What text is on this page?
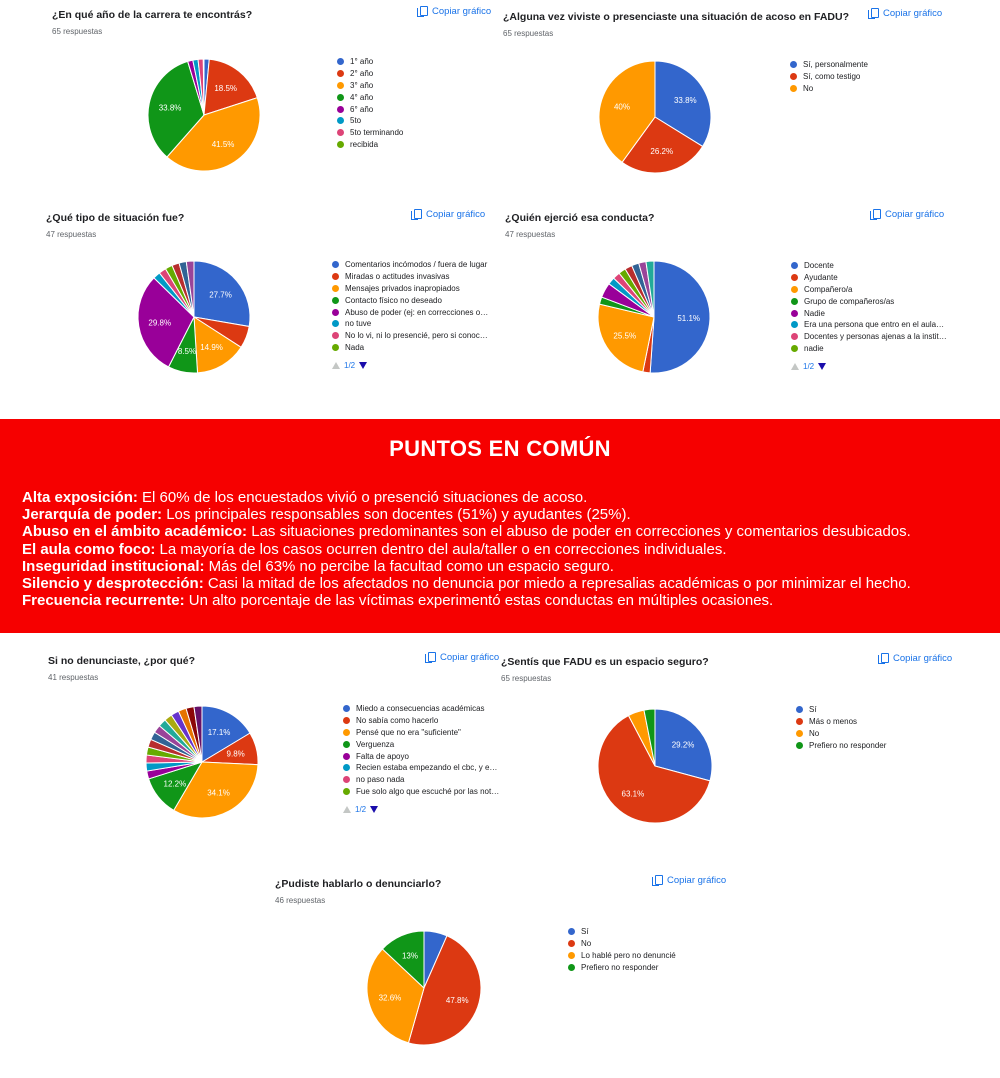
¿En qué año de la carrera te encontrás?
65 respuestas
Copiar gráfico
18.5%
41.5%
33.8%
1° año
2° año
3° año
4° año
6° año
5to
5to terminando
recibida
¿Alguna vez viviste o presenciaste una situación de acoso en FADU?
65 respuestas
Copiar gráfico
33.8%
26.2%
40%
Sí, personalmente
Sí, como testigo
No
¿Qué tipo de situación fue?
47 respuestas
Copiar gráfico
27.7%
14.9%
8.5%
29.8%
Comentarios incómodos / fuera de lugar
Miradas o actitudes invasivas
Mensajes privados inapropiados
Contacto físico no deseado
Abuso de poder (ej: en correcciones o…
no tuve
No lo vi, ni lo presencié, pero si conoc…
Nada
1/2
¿Quién ejerció esa conducta?
47 respuestas
Copiar gráfico
51.1%
25.5%
Docente
Ayudante
Compañero/a
Grupo de compañeros/as
Nadie
Era una persona que entro en el aula…
Docentes y personas ajenas a la instit…
nadie
1/2
Si no denunciaste, ¿por qué?
41 respuestas
Copiar gráfico
17.1%
9.8%
34.1%
12.2%
Miedo a consecuencias académicas
No sabía como hacerlo
Pensé que no era "suficiente"
Verguenza
Falta de apoyo
Recien estaba empezando el cbc, y e…
no paso nada
Fue solo algo que escuché por las not…
1/2
¿Sentís que FADU es un espacio seguro?
65 respuestas
Copiar gráfico
29.2%
63.1%
Sí
Más o menos
No
Prefiero no responder
¿Pudiste hablarlo o denunciarlo?
46 respuestas
Copiar gráfico
47.8%
32.6%
13%
Sí
No
Lo hablé pero no denuncié
Prefiero no responder
PUNTOS EN COMÚN
Alta exposición: El 60% de los encuestados vivió o presenció situaciones de acoso.
Jerarquía de poder: Los principales responsables son docentes (51%) y ayudantes (25%).
Abuso en el ámbito académico: Las situaciones predominantes son el abuso de poder en correcciones y comentarios desubicados.
El aula como foco: La mayoría de los casos ocurren dentro del aula/taller o en correcciones individuales.
Inseguridad institucional: Más del 63% no percibe la facultad como un espacio seguro.
Silencio y desprotección: Casi la mitad de los afectados no denuncia por miedo a represalias académicas o por minimizar el hecho.
Frecuencia recurrente: Un alto porcentaje de las víctimas experimentó estas conductas en múltiples ocasiones.
